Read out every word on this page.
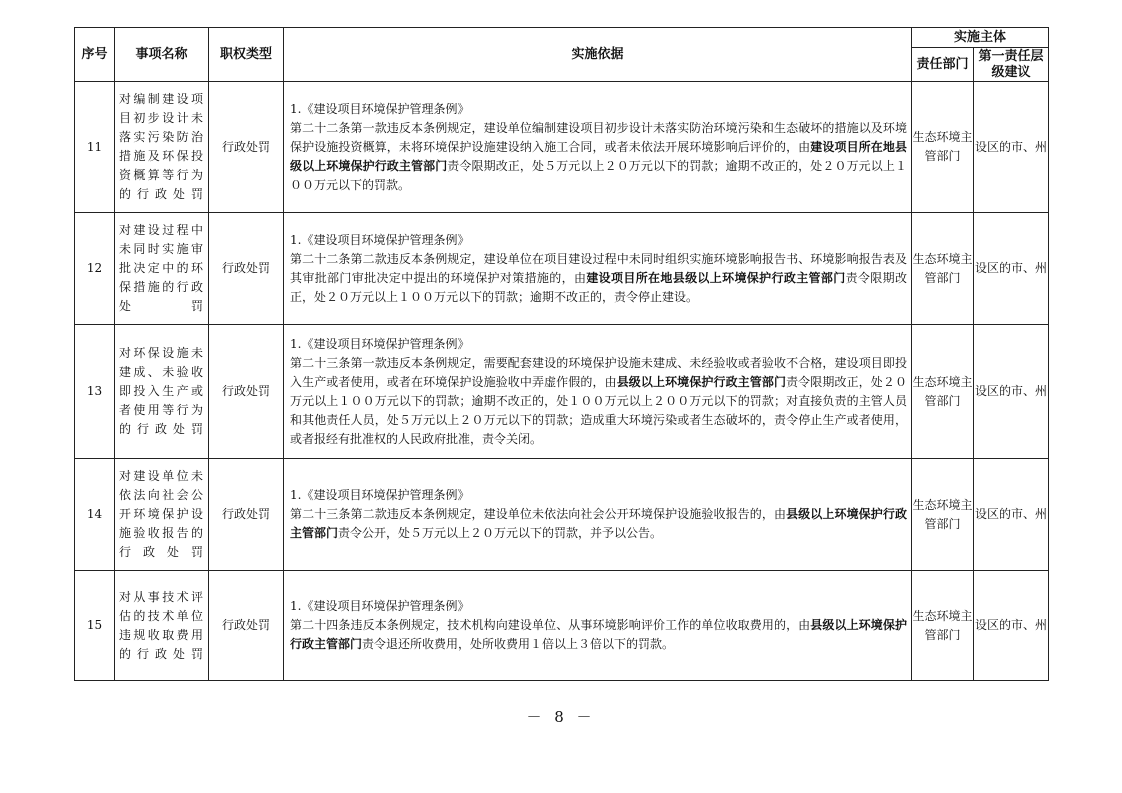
序号	事项名称	职权类型	实施依据	实施主体	
				责任部门	第一责任层级建议
11	对编制建设项目初步设计未落实污染防治措施及环保投资概算等行为的行政处罚	行政处罚	1.《建设项目环境保护管理条例》
第二十二条第一款违反本条例规定，建设单位编制建设项目初步设计未落实防治环境污染和生态破坏的措施以及环境保护设施投资概算，未将环境保护设施建设纳入施工合同，或者未依法开展环境影响后评价的，由建设项目所在地县级以上环境保护行政主管部门责令限期改正，处５万元以上２０万元以下的罚款；逾期不改正的，处２０万元以上１００万元以下的罚款。	生态环境主管部门	设区的市、州
12	对建设过程中未同时实施审批决定中的环保措施的行政处罚	行政处罚	1.《建设项目环境保护管理条例》
第二十二条第二款违反本条例规定，建设单位在项目建设过程中未同时组织实施环境影响报告书、环境影响报告表及其审批部门审批决定中提出的环境保护对策措施的，由建设项目所在地县级以上环境保护行政主管部门责令限期改正，处２０万元以上１００万元以下的罚款；逾期不改正的，责令停止建设。	生态环境主管部门	设区的市、州
13	对环保设施未建成、未验收即投入生产或者使用等行为的行政处罚	行政处罚	1.《建设项目环境保护管理条例》
第二十三条第一款违反本条例规定，需要配套建设的环境保护设施未建成、未经验收或者验收不合格，建设项目即投入生产或者使用，或者在环境保护设施验收中弄虚作假的，由县级以上环境保护行政主管部门责令限期改正，处２０万元以上１００万元以下的罚款；逾期不改正的，处１００万元以上２００万元以下的罚款；对直接负责的主管人员和其他责任人员，处５万元以上２０万元以下的罚款；造成重大环境污染或者生态破坏的，责令停止生产或者使用，或者报经有批准权的人民政府批准，责令关闭。	生态环境主管部门	设区的市、州
14	对建设单位未依法向社会公开环境保护设施验收报告的行政处罚	行政处罚	1.《建设项目环境保护管理条例》
第二十三条第二款违反本条例规定，建设单位未依法向社会公开环境保护设施验收报告的，由县级以上环境保护行政主管部门责令公开，处５万元以上２０万元以下的罚款，并予以公告。	生态环境主管部门	设区的市、州
15	对从事技术评估的技术单位违规收取费用的行政处罚	行政处罚	1.《建设项目环境保护管理条例》
第二十四条违反本条例规定，技术机构向建设单位、从事环境影响评价工作的单位收取费用的，由县级以上环境保护行政主管部门责令退还所收费用，处所收费用１倍以上３倍以下的罚款。	生态环境主管部门	设区的市、州
－ 8 －
